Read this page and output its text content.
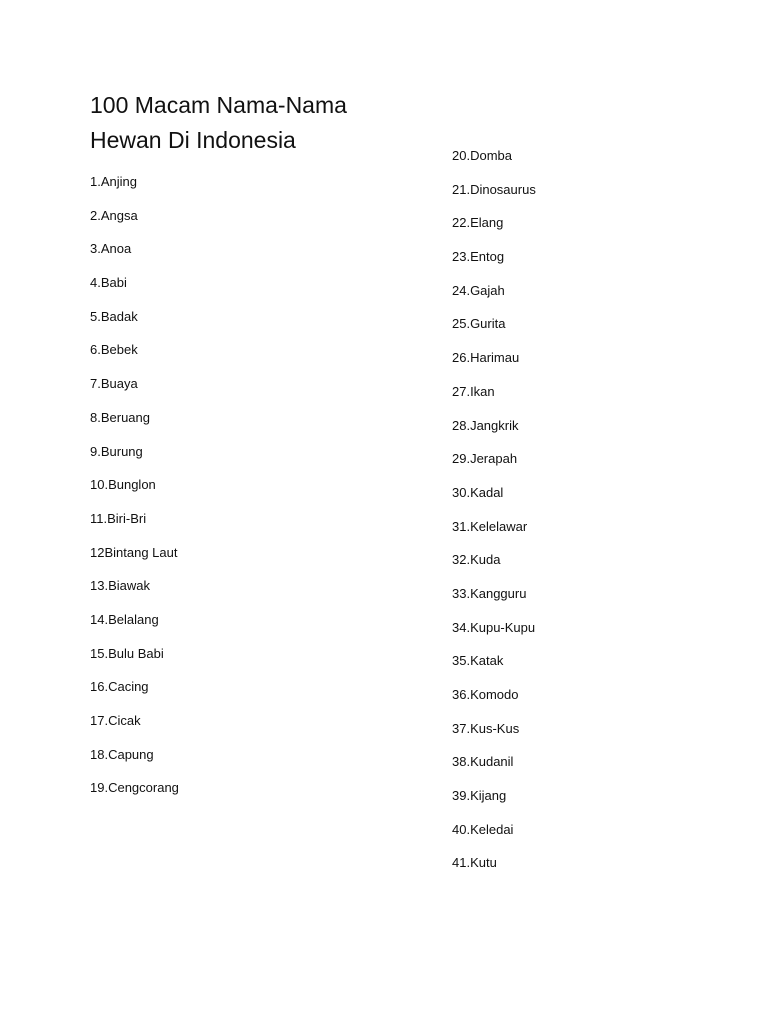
100 Macam Nama-Nama
Hewan Di Indonesia
1.Anjing
2.Angsa
3.Anoa
4.Babi
5.Badak
6.Bebek
7.Buaya
8.Beruang
9.Burung
10.Bunglon
11.Biri-Bri
12Bintang Laut
13.Biawak
14.Belalang
15.Bulu Babi
16.Cacing
17.Cicak
18.Capung
19.Cengcorang
20.Domba
21.Dinosaurus
22.Elang
23.Entog
24.Gajah
25.Gurita
26.Harimau
27.Ikan
28.Jangkrik
29.Jerapah
30.Kadal
31.Kelelawar
32.Kuda
33.Kangguru
34.Kupu-Kupu
35.Katak
36.Komodo
37.Kus-Kus
38.Kudanil
39.Kijang
40.Keledai
41.Kutu
